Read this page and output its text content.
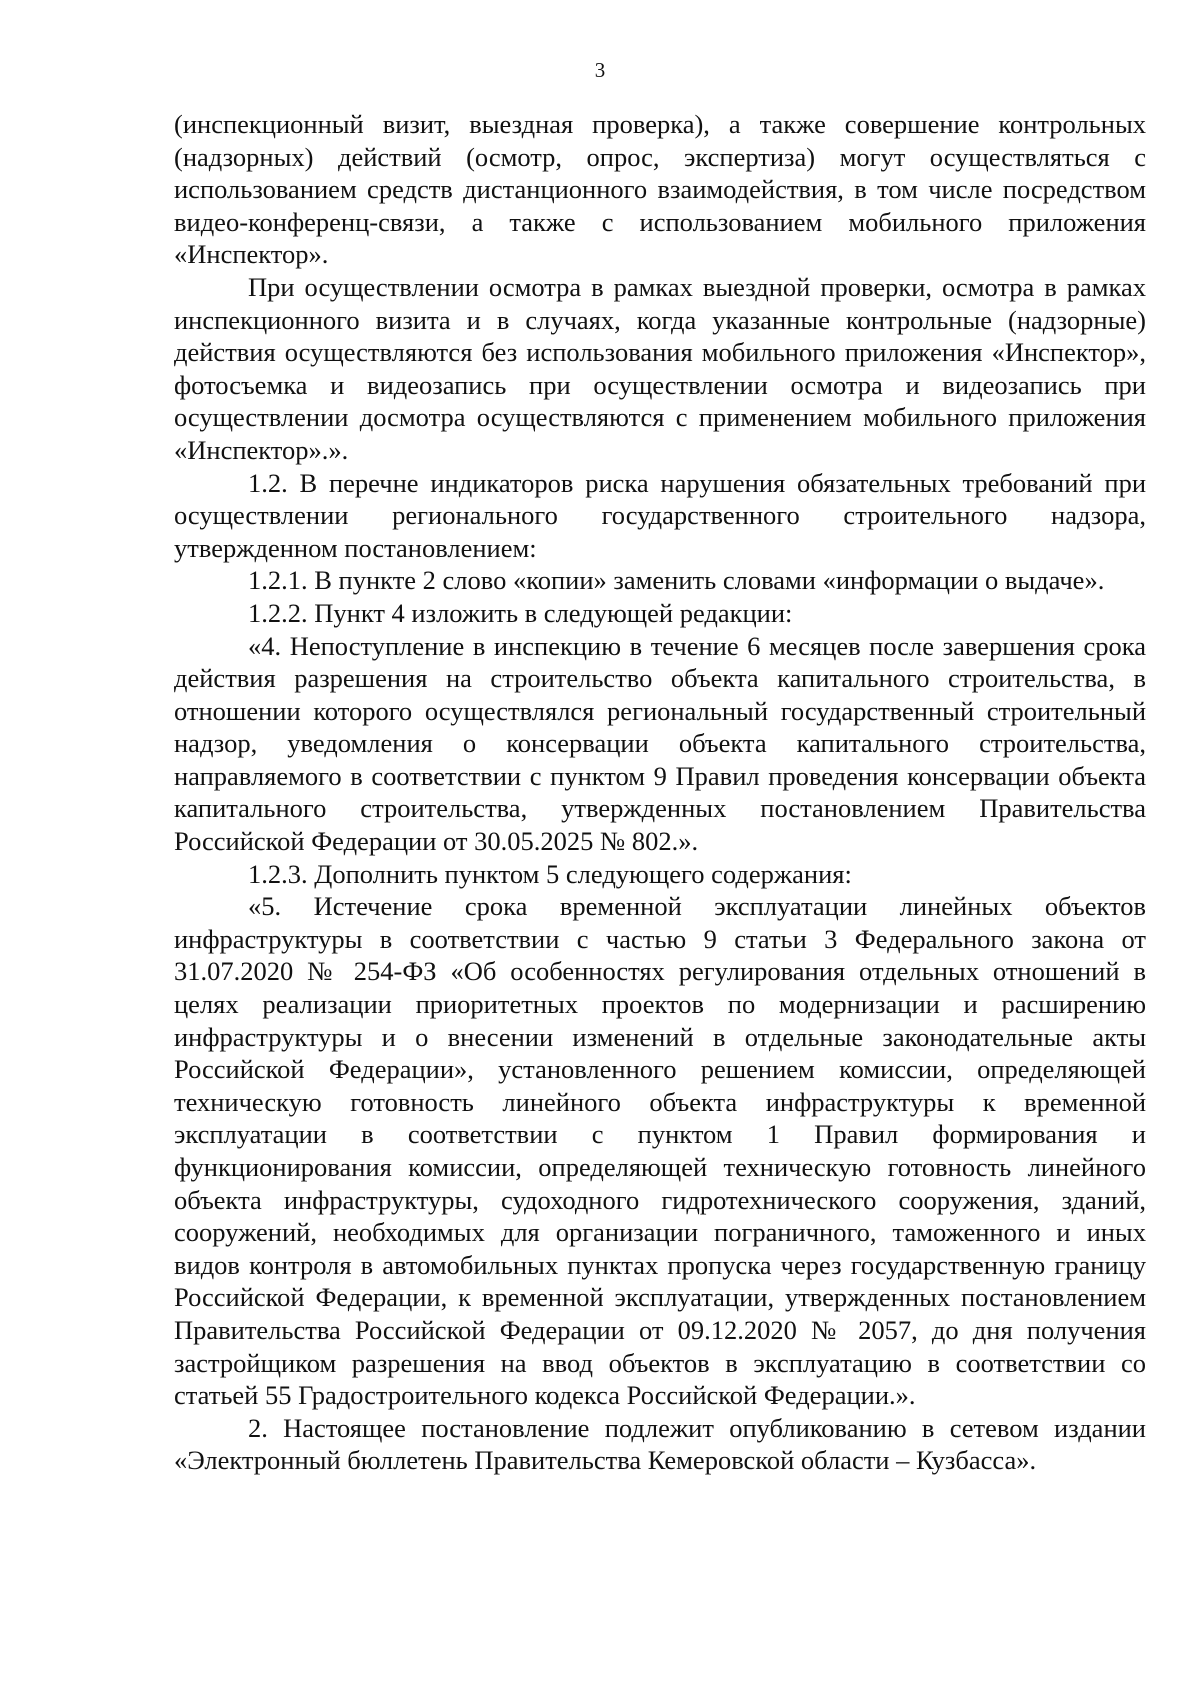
3

(инспекционный визит, выездная проверка), а также совершение контрольных (надзорных) действий (осмотр, опрос, экспертиза) могут осуществляться с использованием средств дистанционного взаимодействия, в том числе посредством видео-конференц-связи, а также с использованием мобильного приложения «Инспектор».

При осуществлении осмотра в рамках выездной проверки, осмотра в рамках инспекционного визита и в случаях, когда указанные контрольные (надзорные) действия осуществляются без использования мобильного приложения «Инспектор», фотосъемка и видеозапись при осуществлении осмотра и видеозапись при осуществлении досмотра осуществляются с применением мобильного приложения «Инспектор».».

1.2. В перечне индикаторов риска нарушения обязательных требований при осуществлении регионального государственного строительного надзора, утвержденном постановлением:

1.2.1. В пункте 2 слово «копии» заменить словами «информации о выдаче».

1.2.2. Пункт 4 изложить в следующей редакции:

«4. Непоступление в инспекцию в течение 6 месяцев после завершения срока действия разрешения на строительство объекта капитального строительства, в отношении которого осуществлялся региональный государственный строительный надзор, уведомления о консервации объекта капитального строительства, направляемого в соответствии с пунктом 9 Правил проведения консервации объекта капитального строительства, утвержденных постановлением Правительства Российской Федерации от 30.05.2025 № 802.».

1.2.3. Дополнить пунктом 5 следующего содержания:

«5. Истечение срока временной эксплуатации линейных объектов инфраструктуры в соответствии с частью 9 статьи 3 Федерального закона от 31.07.2020 № 254-ФЗ «Об особенностях регулирования отдельных отношений в целях реализации приоритетных проектов по модернизации и расширению инфраструктуры и о внесении изменений в отдельные законодательные акты Российской Федерации», установленного решением комиссии, определяющей техническую готовность линейного объекта инфраструктуры к временной эксплуатации в соответствии с пунктом 1 Правил формирования и функционирования комиссии, определяющей техническую готовность линейного объекта инфраструктуры, судоходного гидротехнического сооружения, зданий, сооружений, необходимых для организации пограничного, таможенного и иных видов контроля в автомобильных пунктах пропуска через государственную границу Российской Федерации, к временной эксплуатации, утвержденных постановлением Правительства Российской Федерации от 09.12.2020 № 2057, до дня получения застройщиком разрешения на ввод объектов в эксплуатацию в соответствии со статьей 55 Градостроительного кодекса Российской Федерации.».

2. Настоящее постановление подлежит опубликованию в сетевом издании «Электронный бюллетень Правительства Кемеровской области – Кузбасса».
